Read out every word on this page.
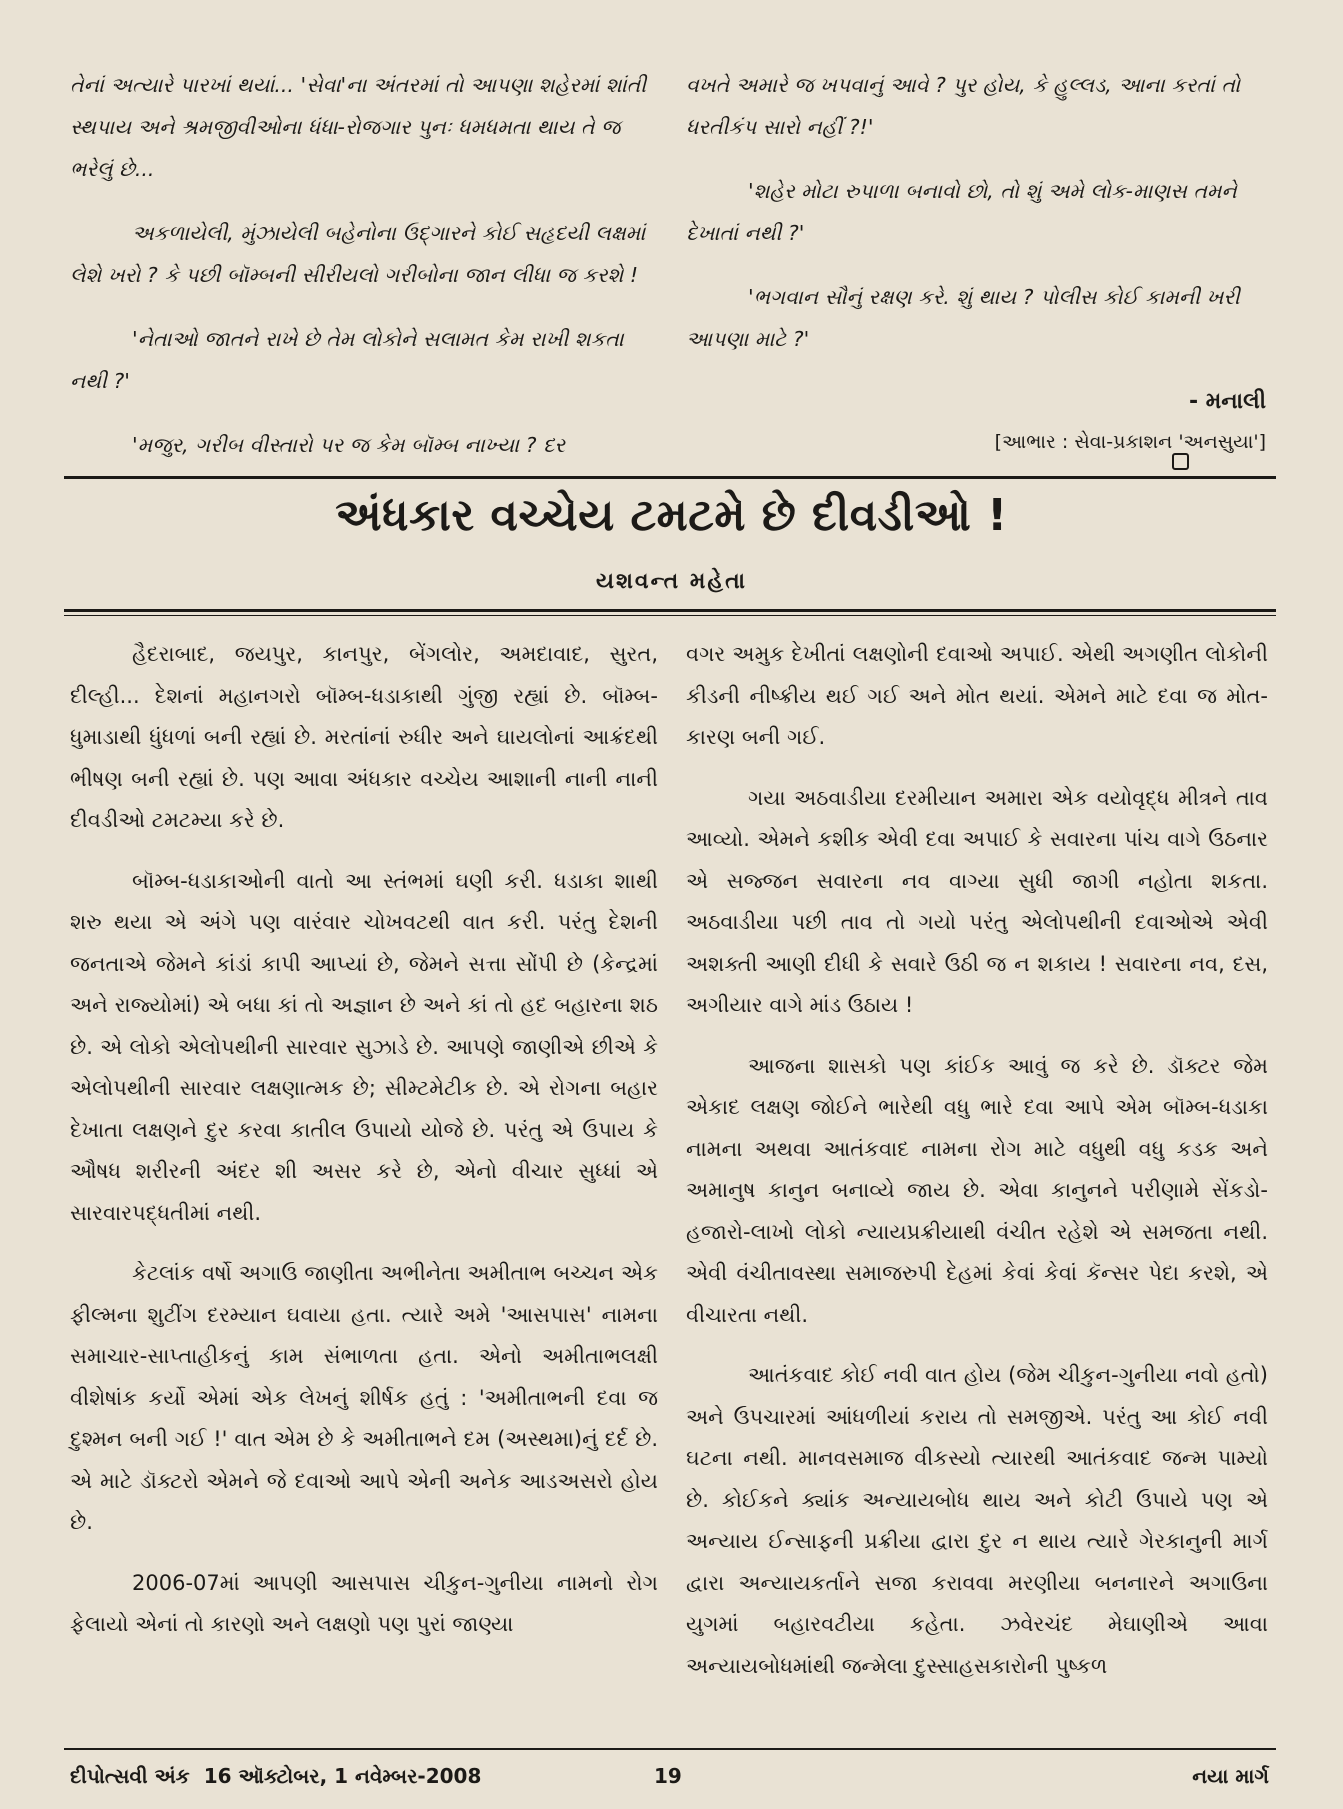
તેનાં અત્યારે પારખાં થયાં... 'સેવા'ના અંતરમાં તો આપણા શહેરમાં શાંતી સ્થપાય અને શ્રમજીવીઓના ધંધા-રોજગાર પુનઃ ધમધમતા થાય તે જ ભરેલું છે...

અકળાયેલી, મુંઝાયેલી બહેનોના ઉદ્‌ગારને કોઈ સહૃદયી લક્ષમાં લેશે ખરો ? કે પછી બૉમ્બની સીરીયલો ગરીબોના જાન લીધા જ કરશે !

'નેતાઓ જાતને રાખે છે તેમ લોકોને સલામત કેમ રાખી શકતા નથી ?'

'મજુર, ગરીબ વીસ્તારો પર જ કેમ બૉમ્બ નાખ્યા ? દર

વખતે અમારે જ ખપવાનું આવે ? પુર હોય, કે હુલ્લડ, આના કરતાં તો ધરતીકંપ સારો નહીં ?!'

'શહેર મોટા રુપાળા બનાવો છો, તો શું અમે લોક-માણસ તમને દેખાતાં નથી ?'

'ભગવાન સૌનું રક્ષણ કરે. શું થાય ? પોલીસ કોઈ કામની ખરી આપણા માટે ?'

- મનાલી
[આભાર : સેવા-પ્રકાશન 'અનસુયા']
અંધકાર વચ્ચેય ટમટમે છે દીવડીઓ !
યશવન્ત મહેતા

હૈદરાબાદ, જયપુર, કાનપુર, બેંગલોર, અમદાવાદ, સુરત, દીલ્હી... દેશનાં મહાનગરો બૉમ્બ-ધડાકાથી ગુંજી રહ્યાં છે. બૉમ્બ-ધુમાડાથી ધુંધળાં બની રહ્યાં છે. મરતાંનાં રુધીર અને ઘાયલોનાં આક્રંદથી ભીષણ બની રહ્યાં છે. પણ આવા અંધકાર વચ્ચેય આશાની નાની નાની દીવડીઓ ટમટમ્યા કરે છે.

બૉમ્બ-ધડાકાઓની વાતો આ સ્તંભમાં ઘણી કરી. ધડાકા શાથી શરુ થયા એ અંગે પણ વારંવાર ચોખવટથી વાત કરી. પરંતુ દેશની જનતાએ જેમને કાંડાં કાપી આપ્યાં છે, જેમને સત્તા સોંપી છે (કેન્દ્રમાં અને રાજ્યોમાં) એ બધા કાં તો અજ્ઞાન છે અને કાં તો હદ બહારના શઠ છે. એ લોકો એલોપથીની સારવાર સુઝાડે છે. આપણે જાણીએ છીએ કે એલોપથીની સારવાર લક્ષણાત્મક છે; સીમ્ટમેટીક છે. એ રોગના બહાર દેખાતા લક્ષણને દુર કરવા કાતીલ ઉપાયો યોજે છે. પરંતુ એ ઉપાય કે ઔષધ શરીરની અંદર શી અસર કરે છે, એનો વીચાર સુધ્ધાં એ સારવારપદ્ધતીમાં નથી.

કેટલાંક વર્ષો અગાઉ જાણીતા અભીનેતા અમીતાભ બચ્ચન એક ફીલ્મના શુટીંગ દરમ્યાન ઘવાયા હતા. ત્યારે અમે 'આસપાસ' નામના સમાચાર-સાપ્તાહીકનું કામ સંભાળતા હતા. એનો અમીતાભલક્ષી વીશેષાંક કર્યો એમાં એક લેખનું શીર્ષક હતું : 'અમીતાભની દવા જ દુશ્મન બની ગઈ !' વાત એમ છે કે અમીતાભને દમ (અસ્થમા)નું દર્દ છે. એ માટે ડૉક્ટરો એમને જે દવાઓ આપે એની અનેક આડઅસરો હોય છે.

2006-07માં આપણી આસપાસ ચીકુન-ગુનીયા નામનો રોગ ફેલાયો એનાં તો કારણો અને લક્ષણો પણ પુરાં જાણ્યા

વગર અમુક દેખીતાં લક્ષણોની દવાઓ અપાઈ. એથી અગણીત લોકોની કીડની નીષ્ક્રીય થઈ ગઈ અને મોત થયાં. એમને માટે દવા જ મોત-કારણ બની ગઈ.

ગયા અઠવાડીયા દરમીયાન અમારા એક વયોવૃદ્ધ મીત્રને તાવ આવ્યો. એમને કશીક એવી દવા અપાઈ કે સવારના પાંચ વાગે ઉઠનાર એ સજ્જન સવારના નવ વાગ્યા સુધી જાગી નહોતા શકતા. અઠવાડીયા પછી તાવ તો ગયો પરંતુ એલોપથીની દવાઓએ એવી અશક્તી આણી દીધી કે સવારે ઉઠી જ ન શકાય ! સવારના નવ, દસ, અગીયાર વાગે માંડ ઉઠાય !

આજના શાસકો પણ કાંઈક આવું જ કરે છે. ડૉક્ટર જેમ એકાદ લક્ષણ જોઈને ભારેથી વધુ ભારે દવા આપે એમ બૉમ્બ-ધડાકા નામના અથવા આતંકવાદ નામના રોગ માટે વધુથી વધુ કડક અને અમાનુષ કાનુન બનાવ્યે જાય છે. એવા કાનુનને પરીણામે સેંકડો-હજારો-લાખો લોકો ન્યાયપ્રક્રીયાથી વંચીત રહેશે એ સમજતા નથી. એવી વંચીતાવસ્થા સમાજરુપી દેહમાં કેવાં કેવાં કૅન્સર પેદા કરશે, એ વીચારતા નથી.

આતંકવાદ કોઈ નવી વાત હોય (જેમ ચીકુન-ગુનીયા નવો હતો) અને ઉપચારમાં આંધળીયાં કરાય તો સમજીએ. પરંતુ આ કોઈ નવી ઘટના નથી. માનવસમાજ વીકસ્યો ત્યારથી આતંકવાદ જન્મ પામ્યો છે. કોઈકને ક્યાંક અન્યાયબોધ થાય અને કોટી ઉપાયે પણ એ અન્યાય ઈન્સાફની પ્રક્રીયા દ્વારા દુર ન થાય ત્યારે ગેરકાનુની માર્ગ દ્વારા અન્યાયકર્તાને સજા કરાવવા મરણીયા બનનારને અગાઉના યુગમાં બહારવટીયા કહેતા. ઝવેરચંદ મેઘાણીએ આવા અન્યાયબોધમાંથી જન્મેલા દુસ્સાહસકારોની પુષ્કળ

દીપોત્સવી અંક  16 ઑક્ટોબર, 1 નવેમ્બર-2008	19	નયા માર્ગ
